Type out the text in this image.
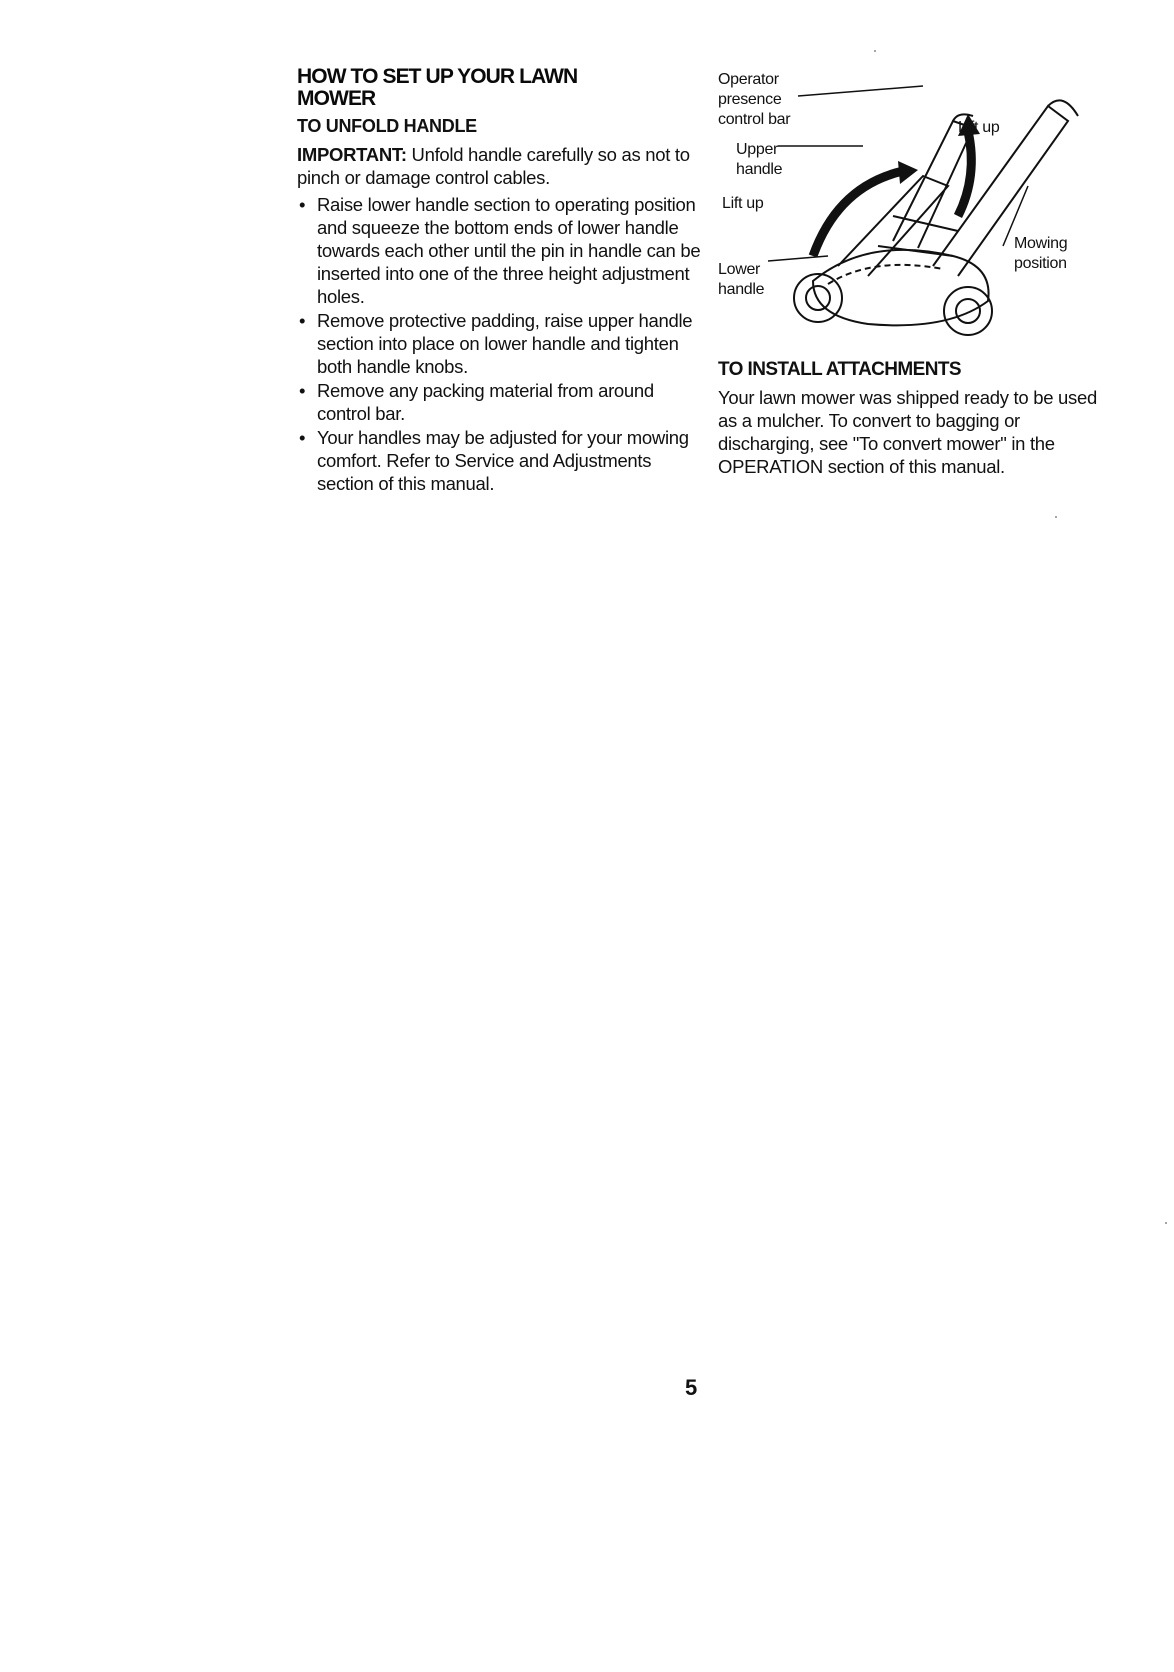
HOW TO SET UP YOUR LAWN MOWER
TO UNFOLD HANDLE

IMPORTANT: Unfold handle carefully so as not to pinch or damage control cables.

• Raise lower handle section to operating position and squeeze the bottom ends of lower handle towards each other until the pin in handle can be inserted into one of the three height adjustment holes.
• Remove protective padding, raise upper handle section into place on lower handle and tighten both handle knobs.
• Remove any packing material from around control bar.
• Your handles may be adjusted for your mowing comfort. Refer to Service and Adjustments section of this manual.
Operator
presence
control bar
Upper
handle
Lift up
Lift up
Lower
handle
Mowing
position
TO INSTALL ATTACHMENTS

Your lawn mower was shipped ready to be used as a mulcher. To convert to bagging or discharging, see "To convert mower" in the OPERATION section of this manual.

5
